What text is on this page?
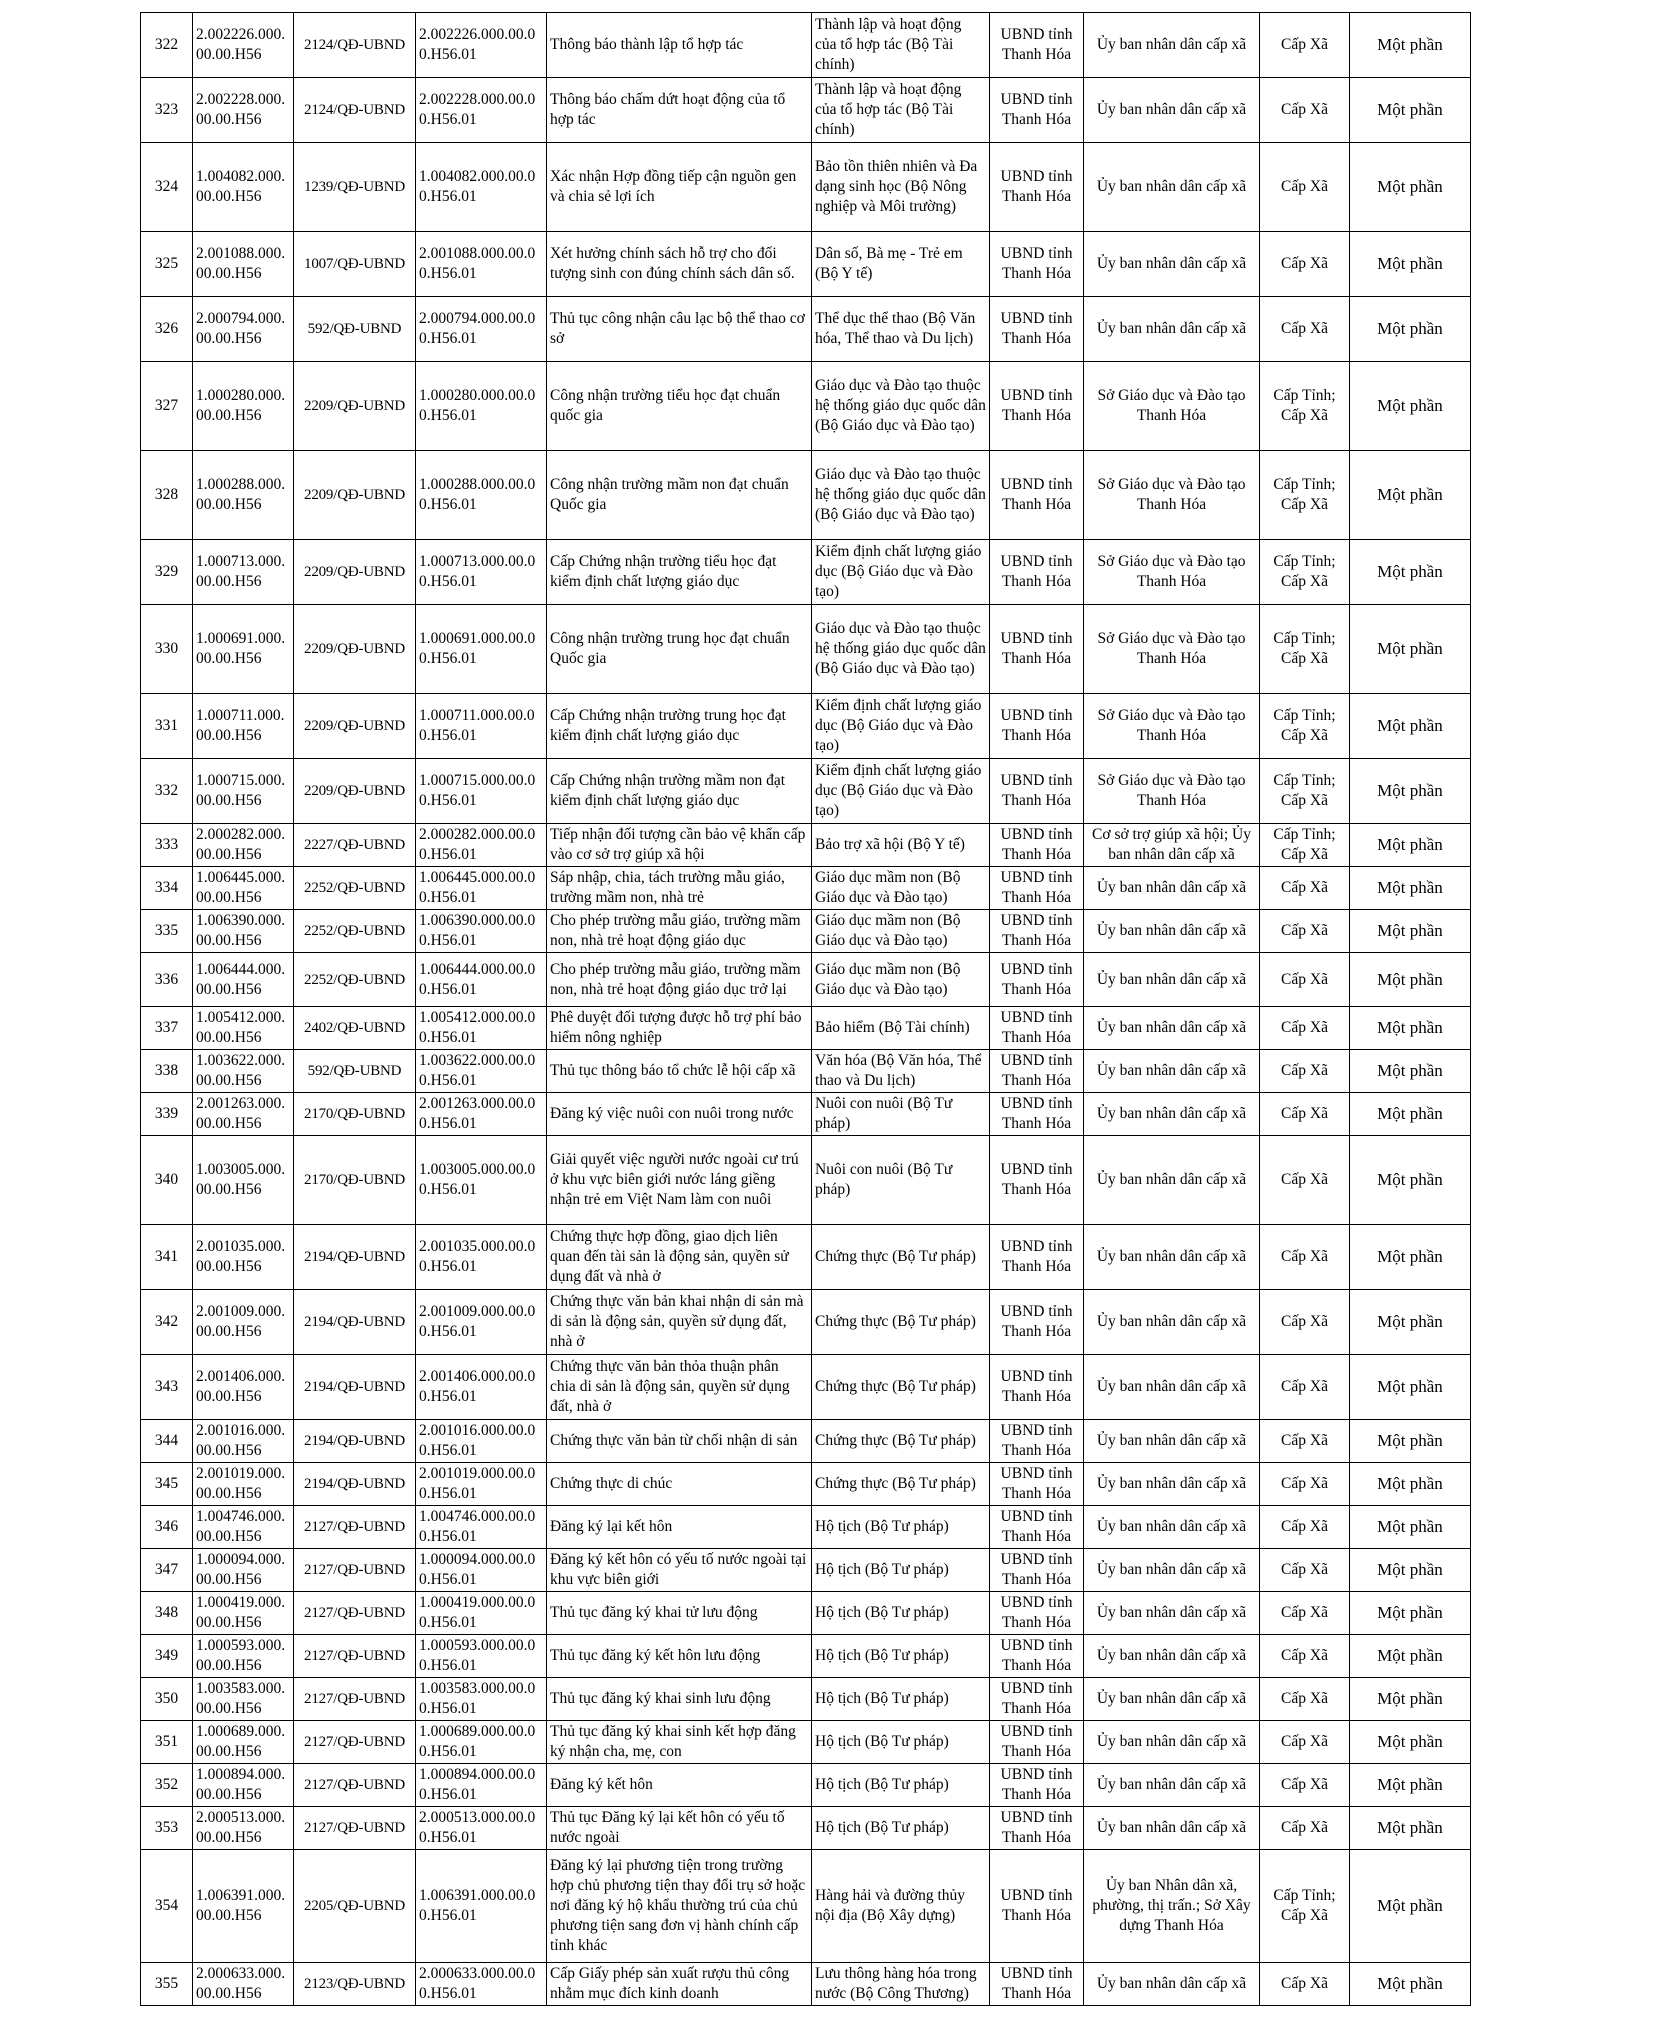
322	2.002226.000.00.00.H56	2124/QĐ-UBND	2.002226.000.00.00.H56.01	Thông báo thành lập tổ hợp tác	Thành lập và hoạt động của tổ hợp tác (Bộ Tài chính)	UBND tỉnh Thanh Hóa	Ủy ban nhân dân cấp xã	Cấp Xã	Một phần
323	2.002228.000.00.00.H56	2124/QĐ-UBND	2.002228.000.00.00.H56.01	Thông báo chấm dứt hoạt động của tổ hợp tác	Thành lập và hoạt động của tổ hợp tác (Bộ Tài chính)	UBND tỉnh Thanh Hóa	Ủy ban nhân dân cấp xã	Cấp Xã	Một phần
324	1.004082.000.00.00.H56	1239/QĐ-UBND	1.004082.000.00.00.H56.01	Xác nhận Hợp đồng tiếp cận nguồn gen và chia sẻ lợi ích	Bảo tồn thiên nhiên và Đa dạng sinh học (Bộ Nông nghiệp và Môi trường)	UBND tỉnh Thanh Hóa	Ủy ban nhân dân cấp xã	Cấp Xã	Một phần
325	2.001088.000.00.00.H56	1007/QĐ-UBND	2.001088.000.00.00.H56.01	Xét hưởng chính sách hỗ trợ cho đối tượng sinh con đúng chính sách dân số.	Dân số, Bà mẹ - Trẻ em (Bộ Y tế)	UBND tỉnh Thanh Hóa	Ủy ban nhân dân cấp xã	Cấp Xã	Một phần
326	2.000794.000.00.00.H56	592/QĐ-UBND	2.000794.000.00.00.H56.01	Thủ tục công nhận câu lạc bộ thể thao cơ sở	Thể dục thể thao (Bộ Văn hóa, Thể thao và Du lịch)	UBND tỉnh Thanh Hóa	Ủy ban nhân dân cấp xã	Cấp Xã	Một phần
327	1.000280.000.00.00.H56	2209/QĐ-UBND	1.000280.000.00.00.H56.01	Công nhận trường tiểu học đạt chuẩn quốc gia	Giáo dục và Đào tạo thuộc hệ thống giáo dục quốc dân (Bộ Giáo dục và Đào tạo)	UBND tỉnh Thanh Hóa	Sở Giáo dục và Đào tạo Thanh Hóa	Cấp Tỉnh; Cấp Xã	Một phần
328	1.000288.000.00.00.H56	2209/QĐ-UBND	1.000288.000.00.00.H56.01	Công nhận trường mầm non đạt chuẩn Quốc gia	Giáo dục và Đào tạo thuộc hệ thống giáo dục quốc dân (Bộ Giáo dục và Đào tạo)	UBND tỉnh Thanh Hóa	Sở Giáo dục và Đào tạo Thanh Hóa	Cấp Tỉnh; Cấp Xã	Một phần
329	1.000713.000.00.00.H56	2209/QĐ-UBND	1.000713.000.00.00.H56.01	Cấp Chứng nhận trường tiểu học đạt kiểm định chất lượng giáo dục	Kiểm định chất lượng giáo dục (Bộ Giáo dục và Đào tạo)	UBND tỉnh Thanh Hóa	Sở Giáo dục và Đào tạo Thanh Hóa	Cấp Tỉnh; Cấp Xã	Một phần
330	1.000691.000.00.00.H56	2209/QĐ-UBND	1.000691.000.00.00.H56.01	Công nhận trường trung học đạt chuẩn Quốc gia	Giáo dục và Đào tạo thuộc hệ thống giáo dục quốc dân (Bộ Giáo dục và Đào tạo)	UBND tỉnh Thanh Hóa	Sở Giáo dục và Đào tạo Thanh Hóa	Cấp Tỉnh; Cấp Xã	Một phần
331	1.000711.000.00.00.H56	2209/QĐ-UBND	1.000711.000.00.00.H56.01	Cấp Chứng nhận trường trung học đạt kiểm định chất lượng giáo dục	Kiểm định chất lượng giáo dục (Bộ Giáo dục và Đào tạo)	UBND tỉnh Thanh Hóa	Sở Giáo dục và Đào tạo Thanh Hóa	Cấp Tỉnh; Cấp Xã	Một phần
332	1.000715.000.00.00.H56	2209/QĐ-UBND	1.000715.000.00.00.H56.01	Cấp Chứng nhận trường mầm non đạt kiểm định chất lượng giáo dục	Kiểm định chất lượng giáo dục (Bộ Giáo dục và Đào tạo)	UBND tỉnh Thanh Hóa	Sở Giáo dục và Đào tạo Thanh Hóa	Cấp Tỉnh; Cấp Xã	Một phần
333	2.000282.000.00.00.H56	2227/QĐ-UBND	2.000282.000.00.00.H56.01	Tiếp nhận đối tượng cần bảo vệ khẩn cấp vào cơ sở trợ giúp xã hội	Bảo trợ xã hội (Bộ Y tế)	UBND tỉnh Thanh Hóa	Cơ sở trợ giúp xã hội; Ủy ban nhân dân cấp xã	Cấp Tỉnh; Cấp Xã	Một phần
334	1.006445.000.00.00.H56	2252/QĐ-UBND	1.006445.000.00.00.H56.01	Sáp nhập, chia, tách trường mẫu giáo, trường mầm non, nhà trẻ	Giáo dục mầm non (Bộ Giáo dục và Đào tạo)	UBND tỉnh Thanh Hóa	Ủy ban nhân dân cấp xã	Cấp Xã	Một phần
335	1.006390.000.00.00.H56	2252/QĐ-UBND	1.006390.000.00.00.H56.01	Cho phép trường mẫu giáo, trường mầm non, nhà trẻ hoạt động giáo dục	Giáo dục mầm non (Bộ Giáo dục và Đào tạo)	UBND tỉnh Thanh Hóa	Ủy ban nhân dân cấp xã	Cấp Xã	Một phần
336	1.006444.000.00.00.H56	2252/QĐ-UBND	1.006444.000.00.00.H56.01	Cho phép trường mẫu giáo, trường mầm non, nhà trẻ hoạt động giáo dục trở lại	Giáo dục mầm non (Bộ Giáo dục và Đào tạo)	UBND tỉnh Thanh Hóa	Ủy ban nhân dân cấp xã	Cấp Xã	Một phần
337	1.005412.000.00.00.H56	2402/QĐ-UBND	1.005412.000.00.00.H56.01	Phê duyệt đối tượng được hỗ trợ phí bảo hiểm nông nghiệp	Bảo hiểm (Bộ Tài chính)	UBND tỉnh Thanh Hóa	Ủy ban nhân dân cấp xã	Cấp Xã	Một phần
338	1.003622.000.00.00.H56	592/QĐ-UBND	1.003622.000.00.00.H56.01	Thủ tục thông báo tổ chức lễ hội cấp xã	Văn hóa (Bộ Văn hóa, Thể thao và Du lịch)	UBND tỉnh Thanh Hóa	Ủy ban nhân dân cấp xã	Cấp Xã	Một phần
339	2.001263.000.00.00.H56	2170/QĐ-UBND	2.001263.000.00.00.H56.01	Đăng ký việc nuôi con nuôi trong nước	Nuôi con nuôi (Bộ Tư pháp)	UBND tỉnh Thanh Hóa	Ủy ban nhân dân cấp xã	Cấp Xã	Một phần
340	1.003005.000.00.00.H56	2170/QĐ-UBND	1.003005.000.00.00.H56.01	Giải quyết việc người nước ngoài cư trú ở khu vực biên giới nước láng giềng nhận trẻ em Việt Nam làm con nuôi	Nuôi con nuôi (Bộ Tư pháp)	UBND tỉnh Thanh Hóa	Ủy ban nhân dân cấp xã	Cấp Xã	Một phần
341	2.001035.000.00.00.H56	2194/QĐ-UBND	2.001035.000.00.00.H56.01	Chứng thực hợp đồng, giao dịch liên quan đến tài sản là động sản, quyền sử dụng đất và nhà ở	Chứng thực (Bộ Tư pháp)	UBND tỉnh Thanh Hóa	Ủy ban nhân dân cấp xã	Cấp Xã	Một phần
342	2.001009.000.00.00.H56	2194/QĐ-UBND	2.001009.000.00.00.H56.01	Chứng thực văn bản khai nhận di sản mà di sản là động sản, quyền sử dụng đất, nhà ở	Chứng thực (Bộ Tư pháp)	UBND tỉnh Thanh Hóa	Ủy ban nhân dân cấp xã	Cấp Xã	Một phần
343	2.001406.000.00.00.H56	2194/QĐ-UBND	2.001406.000.00.00.H56.01	Chứng thực văn bản thỏa thuận phân chia di sản là động sản, quyền sử dụng đất, nhà ở	Chứng thực (Bộ Tư pháp)	UBND tỉnh Thanh Hóa	Ủy ban nhân dân cấp xã	Cấp Xã	Một phần
344	2.001016.000.00.00.H56	2194/QĐ-UBND	2.001016.000.00.00.H56.01	Chứng thực văn bản từ chối nhận di sản	Chứng thực (Bộ Tư pháp)	UBND tỉnh Thanh Hóa	Ủy ban nhân dân cấp xã	Cấp Xã	Một phần
345	2.001019.000.00.00.H56	2194/QĐ-UBND	2.001019.000.00.00.H56.01	Chứng thực di chúc	Chứng thực (Bộ Tư pháp)	UBND tỉnh Thanh Hóa	Ủy ban nhân dân cấp xã	Cấp Xã	Một phần
346	1.004746.000.00.00.H56	2127/QĐ-UBND	1.004746.000.00.00.H56.01	Đăng ký lại kết hôn	Hộ tịch (Bộ Tư pháp)	UBND tỉnh Thanh Hóa	Ủy ban nhân dân cấp xã	Cấp Xã	Một phần
347	1.000094.000.00.00.H56	2127/QĐ-UBND	1.000094.000.00.00.H56.01	Đăng ký kết hôn có yếu tố nước ngoài tại khu vực biên giới	Hộ tịch (Bộ Tư pháp)	UBND tỉnh Thanh Hóa	Ủy ban nhân dân cấp xã	Cấp Xã	Một phần
348	1.000419.000.00.00.H56	2127/QĐ-UBND	1.000419.000.00.00.H56.01	Thủ tục đăng ký khai tử lưu động	Hộ tịch (Bộ Tư pháp)	UBND tỉnh Thanh Hóa	Ủy ban nhân dân cấp xã	Cấp Xã	Một phần
349	1.000593.000.00.00.H56	2127/QĐ-UBND	1.000593.000.00.00.H56.01	Thủ tục đăng ký kết hôn lưu động	Hộ tịch (Bộ Tư pháp)	UBND tỉnh Thanh Hóa	Ủy ban nhân dân cấp xã	Cấp Xã	Một phần
350	1.003583.000.00.00.H56	2127/QĐ-UBND	1.003583.000.00.00.H56.01	Thủ tục đăng ký khai sinh lưu động	Hộ tịch (Bộ Tư pháp)	UBND tỉnh Thanh Hóa	Ủy ban nhân dân cấp xã	Cấp Xã	Một phần
351	1.000689.000.00.00.H56	2127/QĐ-UBND	1.000689.000.00.00.H56.01	Thủ tục đăng ký khai sinh kết hợp đăng ký nhận cha, mẹ, con	Hộ tịch (Bộ Tư pháp)	UBND tỉnh Thanh Hóa	Ủy ban nhân dân cấp xã	Cấp Xã	Một phần
352	1.000894.000.00.00.H56	2127/QĐ-UBND	1.000894.000.00.00.H56.01	Đăng ký kết hôn	Hộ tịch (Bộ Tư pháp)	UBND tỉnh Thanh Hóa	Ủy ban nhân dân cấp xã	Cấp Xã	Một phần
353	2.000513.000.00.00.H56	2127/QĐ-UBND	2.000513.000.00.00.H56.01	Thủ tục Đăng ký lại kết hôn có yếu tố nước ngoài	Hộ tịch (Bộ Tư pháp)	UBND tỉnh Thanh Hóa	Ủy ban nhân dân cấp xã	Cấp Xã	Một phần
354	1.006391.000.00.00.H56	2205/QĐ-UBND	1.006391.000.00.00.H56.01	Đăng ký lại phương tiện trong trường hợp chủ phương tiện thay đổi trụ sở hoặc nơi đăng ký hộ khẩu thường trú của chủ phương tiện sang đơn vị hành chính cấp tỉnh khác	Hàng hải và đường thủy nội địa (Bộ Xây dựng)	UBND tỉnh Thanh Hóa	Ủy ban Nhân dân xã, phường, thị trấn.; Sở Xây dựng Thanh Hóa	Cấp Tỉnh; Cấp Xã	Một phần
355	2.000633.000.00.00.H56	2123/QĐ-UBND	2.000633.000.00.00.H56.01	Cấp Giấy phép sản xuất rượu thủ công nhằm mục đích kinh doanh	Lưu thông hàng hóa trong nước (Bộ Công Thương)	UBND tỉnh Thanh Hóa	Ủy ban nhân dân cấp xã	Cấp Xã	Một phần
